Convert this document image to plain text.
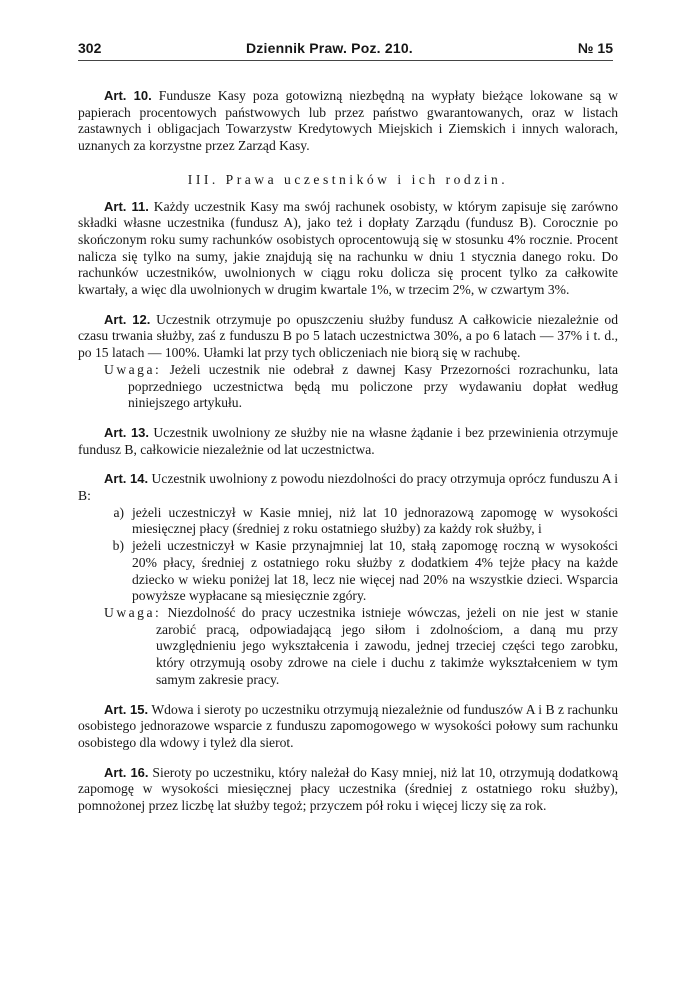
302	Dziennik Praw. Poz. 210.	№ 15

Art. 10. Fundusze Kasy poza gotowizną niezbędną na wypłaty bieżące lokowane są w papierach procentowych państwowych lub przez państwo gwarantowanych, oraz w listach zastawnych i obligacjach Towarzystw Kredytowych Miejskich i Ziemskich i innych walorach, uznanych za korzystne przez Zarząd Kasy.

III. Prawa uczestników i ich rodzin.

Art. 11. Każdy uczestnik Kasy ma swój rachunek osobisty, w którym zapisuje się zarówno składki własne uczestnika (fundusz A), jako też i dopłaty Zarządu (fundusz B). Corocznie po skończonym roku sumy rachunków osobistych oprocentowują się w stosunku 4% rocznie. Procent nalicza się tylko na sumy, jakie znajdują się na rachunku w dniu 1 stycznia danego roku. Do rachunków uczestników, uwolnionych w ciągu roku dolicza się procent tylko za całkowite kwartały, a więc dla uwolnionych w drugim kwartale 1%, w trzecim 2%, w czwartym 3%.

Art. 12. Uczestnik otrzymuje po opuszczeniu służby fundusz A całkowicie niezależnie od czasu trwania służby, zaś z funduszu B po 5 latach uczestnictwa 30%, a po 6 latach — 37% i t. d., po 15 latach — 100%. Ułamki lat przy tych obliczeniach nie biorą się w rachubę.

Uwaga: Jeżeli uczestnik nie odebrał z dawnej Kasy Przezorności rozrachunku, lata poprzedniego uczestnictwa będą mu policzone przy wydawaniu dopłat według niniejszego artykułu.

Art. 13. Uczestnik uwolniony ze służby nie na własne żądanie i bez przewinienia otrzymuje fundusz B, całkowicie niezależnie od lat uczestnictwa.

Art. 14. Uczestnik uwolniony z powodu niezdolności do pracy otrzymuja oprócz funduszu A i B:

a) jeżeli uczestniczył w Kasie mniej, niż lat 10 jednorazową zapomogę w wysokości miesięcznej płacy (średniej z roku ostatniego służby) za każdy rok służby, i
b) jeżeli uczestniczył w Kasie przynajmniej lat 10, stałą zapomogę roczną w wysokości 20% płacy, średniej z ostatniego roku służby z dodatkiem 4% tejże płacy na każde dziecko w wieku poniżej lat 18, lecz nie więcej nad 20% na wszystkie dzieci. Wsparcia powyższe wypłacane są miesięcznie zgóry.

Uwaga: Niezdolność do pracy uczestnika istnieje wówczas, jeżeli on nie jest w stanie zarobić pracą, odpowiadającą jego siłom i zdolnościom, a daną mu przy uwzględnieniu jego wykształcenia i zawodu, jednej trzeciej części tego zarobku, który otrzymują osoby zdrowe na ciele i duchu z takimże wykształceniem w tym samym zakresie pracy.

Art. 15. Wdowa i sieroty po uczestniku otrzymują niezależnie od funduszów A i B z rachunku osobistego jednorazowe wsparcie z funduszu zapomogowego w wysokości połowy sum rachunku osobistego dla wdowy i tyleż dla sierot.

Art. 16. Sieroty po uczestniku, który należał do Kasy mniej, niż lat 10, otrzymują dodatkową zapomogę w wysokości miesięcznej płacy uczestnika (średniej z ostatniego roku służby), pomnożonej przez liczbę lat służby tegoż; przyczem pół roku i więcej liczy się za rok.
